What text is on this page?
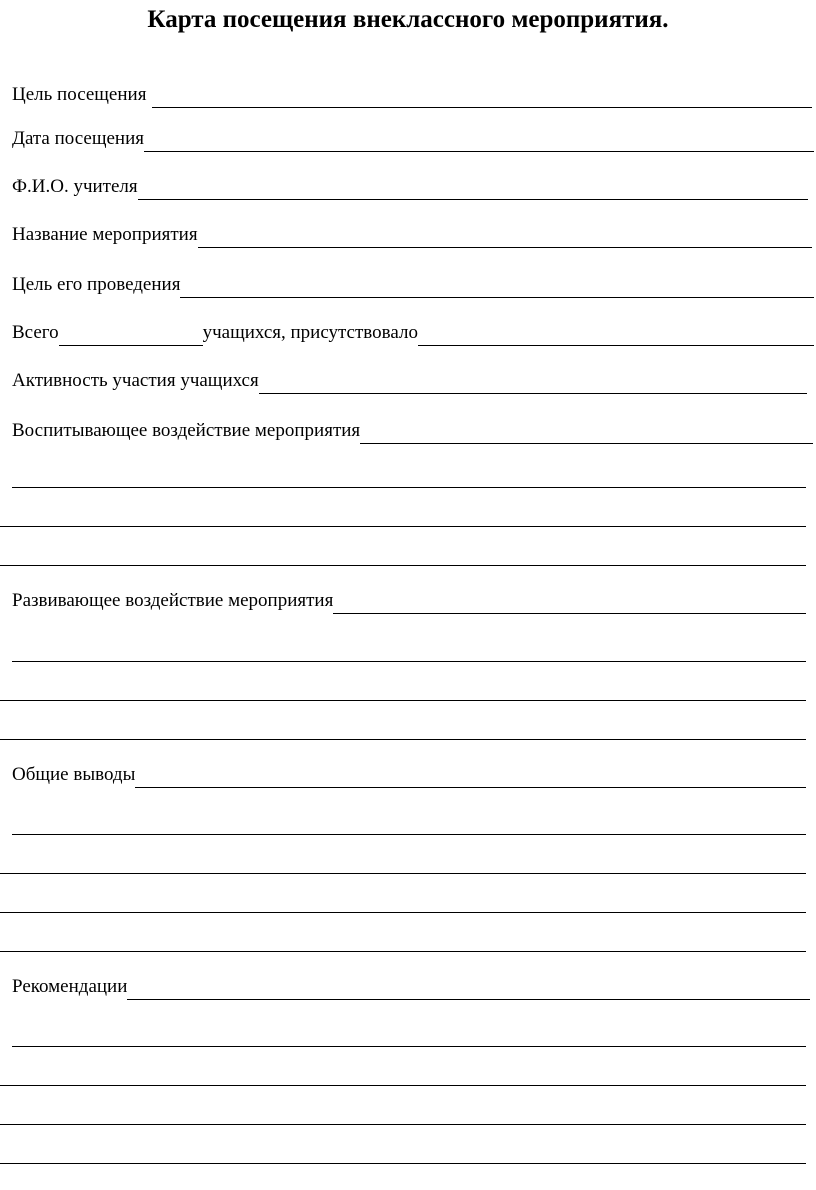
Карта посещения внеклассного мероприятия.
Цель посещения
Дата посещения
Ф.И.О. учителя
Название мероприятия
Цель его проведения
Всего	учащихся, присутствовало
Активность участия учащихся
Воспитывающее воздействие мероприятия
Развивающее воздействие мероприятия
Общие выводы
Рекомендации
